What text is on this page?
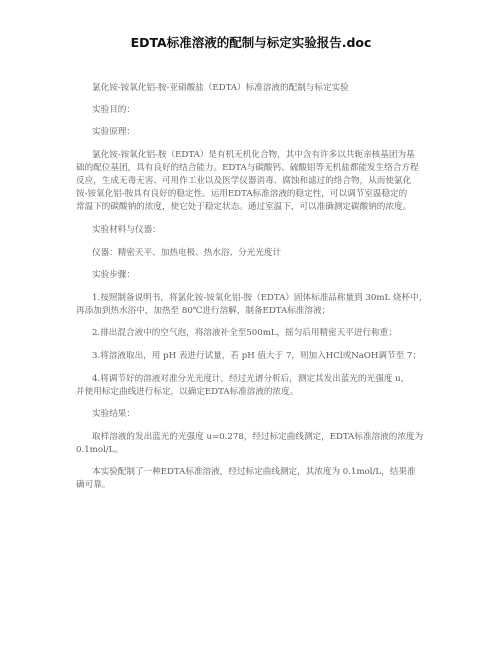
EDTA标准溶液的配制与标定实验报告.doc
氯化铵-铵氧化铝-胺-亚硝酸盐（EDTA）标准溶液的配制与标定实验
实验目的：
实验原理：
氯化铵-铵氧化铝-胺（EDTA）是有机无机化合物，其中含有许多以共轭亲核基团为基
础的配位基团，具有良好的结合能力。EDTA与碳酸钙、硫酸铝等无机盐都能发生络合方程
反应，生成无毒无害、可用作工业以及医学仪器消毒、腐蚀和滤过的络合物，从而使氯化
铵-铵氧化铝-胺具有良好的稳定性。运用EDTA标准溶液的稳定性，可以调节室温稳定的
常温下的碳酸钠的浓度，使它处于稳定状态。通过室温下，可以准确测定碳酸钠的浓度。
实验材料与仪器：
仪器：精密天平、加热电极、热水浴、分光光度计
实验步骤：
1.按照制备说明书，将氯化铵-铵氧化铝-胺（EDTA）固体标准品称量到 30mL 烧杯中，
再添加到热水浴中，加热至 80℃进行溶解，制备EDTA标准溶液；
2.排出混合液中的空气泡，将溶液补全至500mL，摇匀后用精密天平进行称重；
3.将溶液取出，用 pH 表进行试量，若 pH 值大于 7，则加入HCl或NaOH调节至 7；
4.将调节好的溶液对准分光光度计，经过光谱分析后，测定其发出蓝光的光强度 u，
并使用标定曲线进行标定，以确定EDTA标准溶液的浓度。
实验结果：
取样溶液的发出蓝光的光强度 u=0.278，经过标定曲线测定，EDTA标准溶液的浓度为
0.1mol/L。
本实验配制了一种EDTA标准溶液，经过标定曲线测定，其浓度为 0.1mol/L，结果准
确可靠。
